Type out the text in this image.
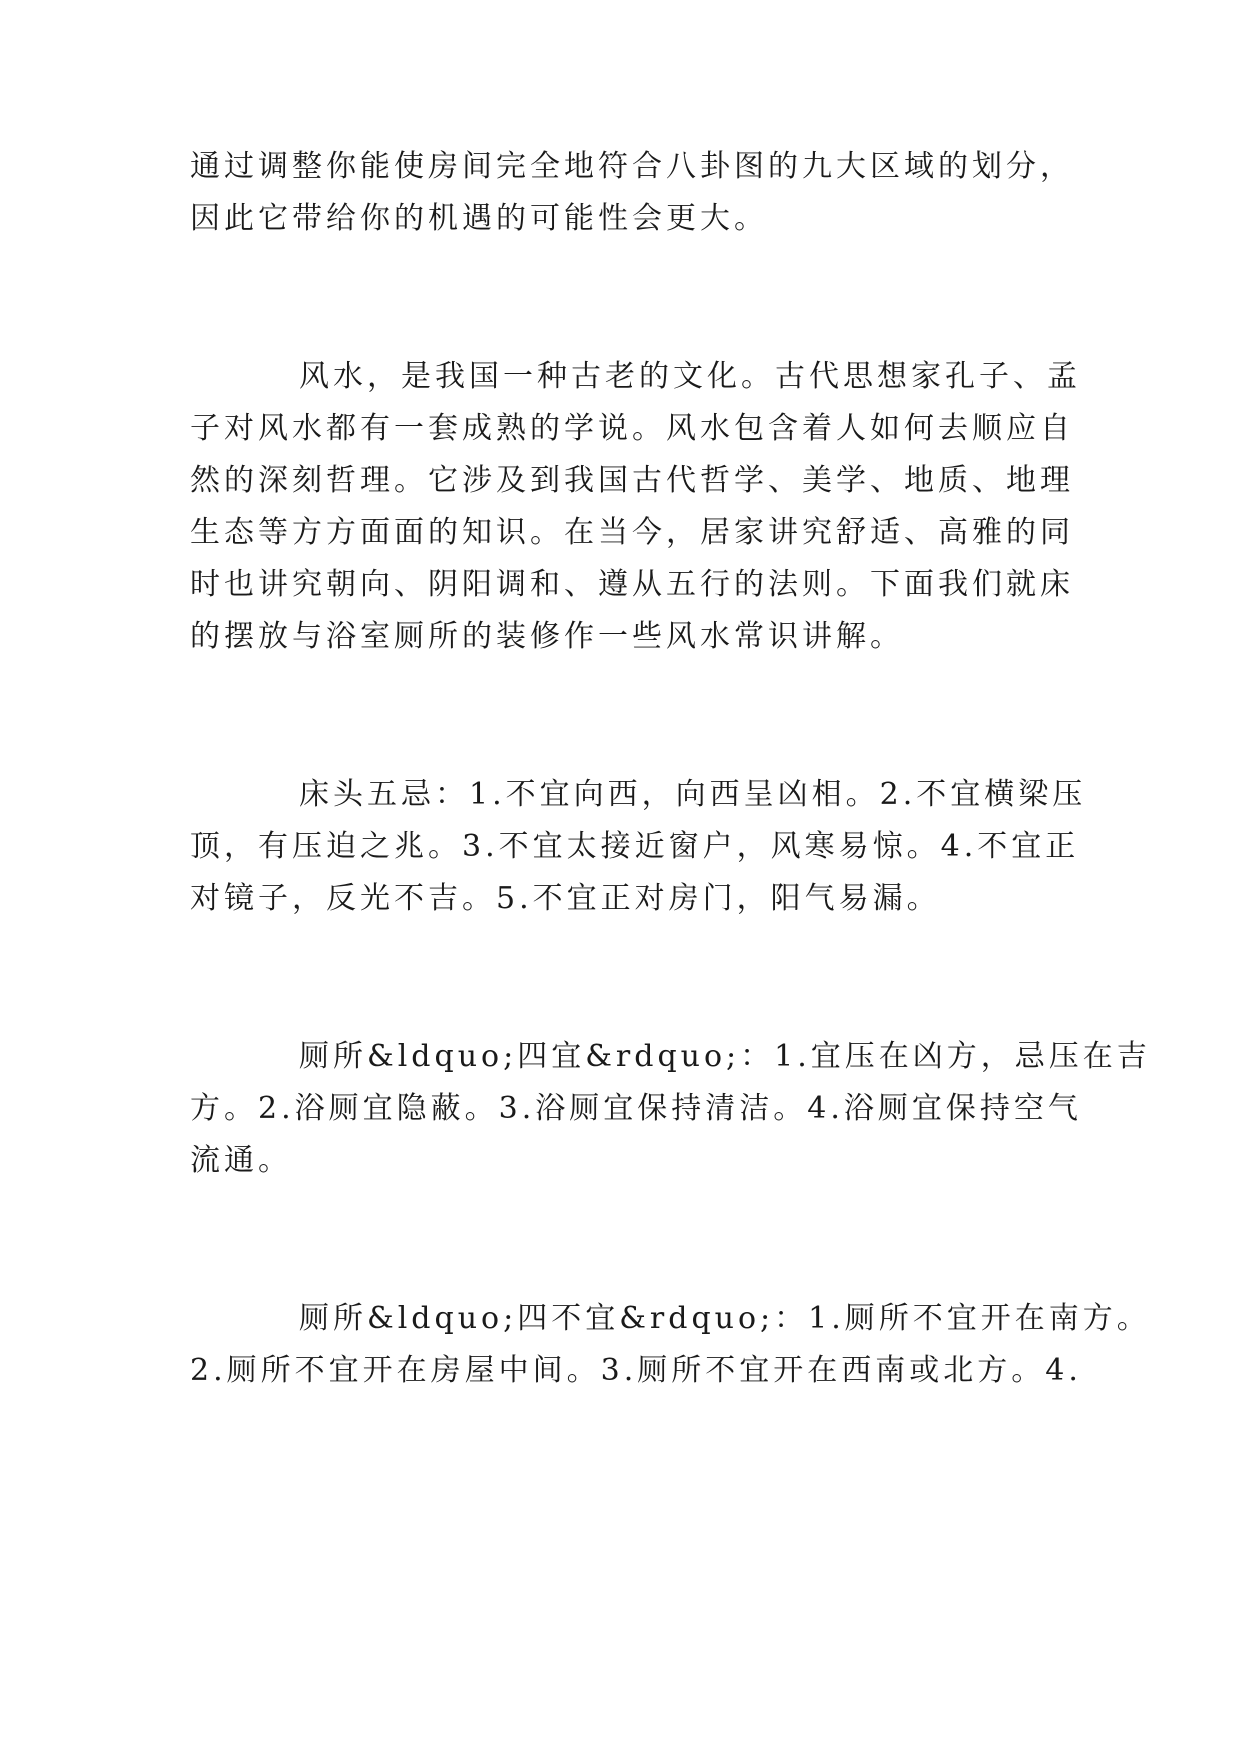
通过调整你能使房间完全地符合八卦图的九大区域的划分，
因此它带给你的机遇的可能性会更大。
风水，是我国一种古老的文化。古代思想家孔子、孟
子对风水都有一套成熟的学说。风水包含着人如何去顺应自
然的深刻哲理。它涉及到我国古代哲学、美学、地质、地理
生态等方方面面的知识。在当今，居家讲究舒适、高雅的同
时也讲究朝向、阴阳调和、遵从五行的法则。下面我们就床
的摆放与浴室厕所的装修作一些风水常识讲解。
床头五忌：1.不宜向西，向西呈凶相。2.不宜横梁压
顶，有压迫之兆。3.不宜太接近窗户，风寒易惊。4.不宜正
对镜子，反光不吉。5.不宜正对房门，阳气易漏。
厕所&ldquo;四宜&rdquo;：1.宜压在凶方，忌压在吉
方。2.浴厕宜隐蔽。3.浴厕宜保持清洁。4.浴厕宜保持空气
流通。
厕所&ldquo;四不宜&rdquo;：1.厕所不宜开在南方。
2.厕所不宜开在房屋中间。3.厕所不宜开在西南或北方。4.
